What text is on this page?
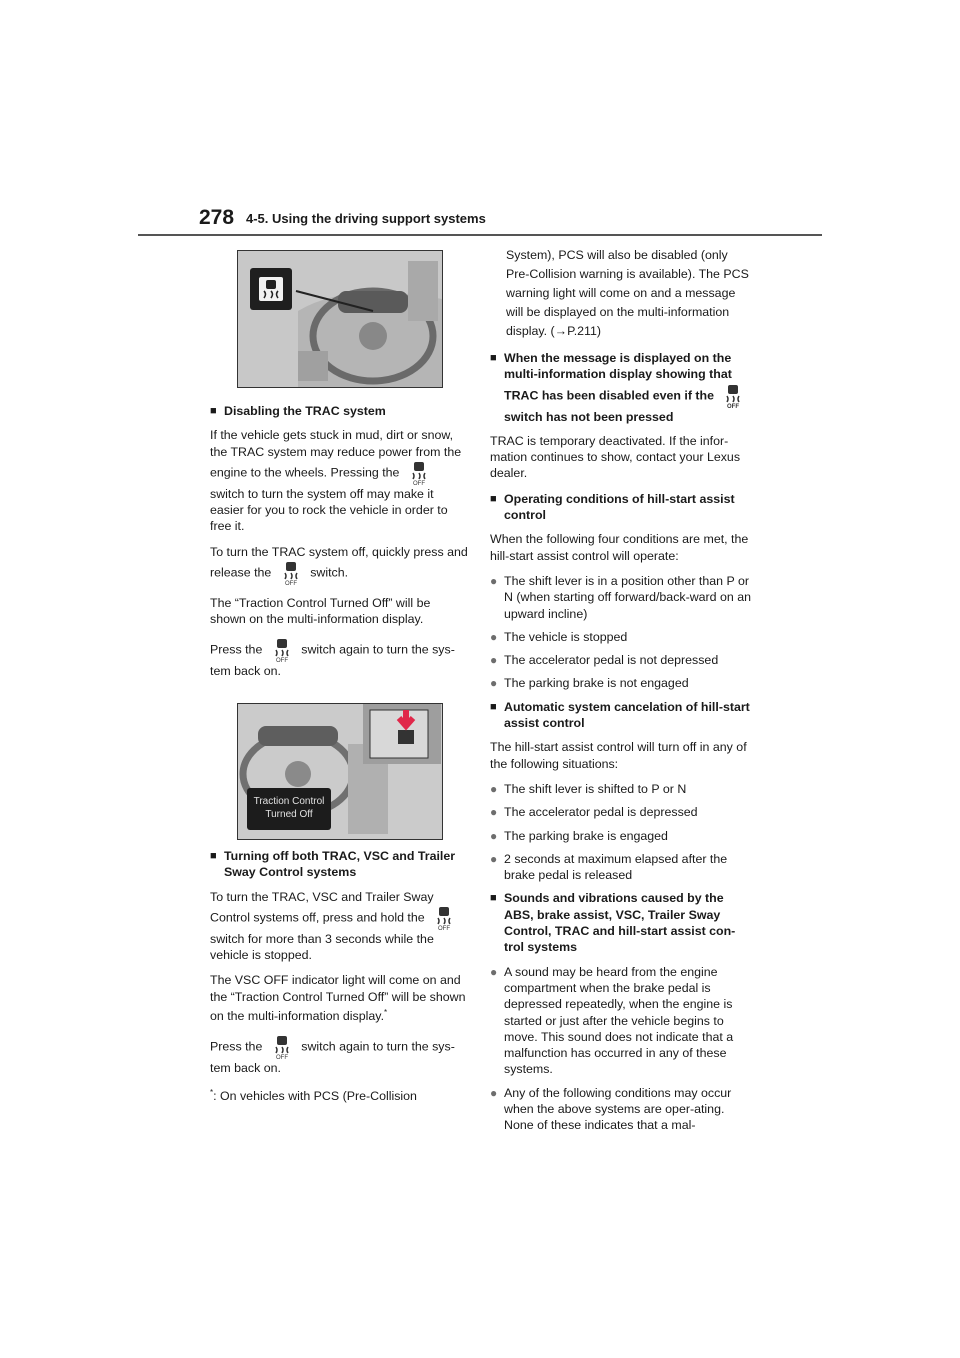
278 4-5. Using the driving support systems
■ Disabling the TRAC system

If the vehicle gets stuck in mud, dirt or snow, the TRAC system may reduce power from the engine to the wheels. Pressing the
OFF
switch to turn the system off may make it easier for you to rock the vehicle in order to free it.

To turn the TRAC system off, quickly press and release the
OFF
switch.

The “Traction Control Turned Off” will be shown on the multi-information display.

Press the
OFF
switch again to turn the sys-tem back on.

Traction Control Turned Off
■ Turning off both TRAC, VSC and Trailer Sway Control systems

To turn the TRAC, VSC and Trailer Sway Control systems off, press and hold the
OFF
switch for more than 3 seconds while the vehicle is stopped.

The VSC OFF indicator light will come on and the “Traction Control Turned Off” will be shown on the multi-information display.*

Press the
OFF
switch again to turn the sys-tem back on.

*: On vehicles with PCS (Pre-Collision

System), PCS will also be disabled (only Pre-Collision warning is available). The PCS warning light will come on and a message will be displayed on the multi-information display. (→P.211)

■ When the message is displayed on the multi-information display showing that TRAC has been disabled even if the
OFF
switch has not been pressed

TRAC is temporary deactivated. If the infor-mation continues to show, contact your Lexus dealer.

■ Operating conditions of hill-start assist control

When the following four conditions are met, the hill-start assist control will operate:

● The shift lever is in a position other than P or N (when starting off forward/back-ward on an upward incline)
● The vehicle is stopped
● The accelerator pedal is not depressed
● The parking brake is not engaged
■ Automatic system cancelation of hill-start assist control

The hill-start assist control will turn off in any of the following situations:

● The shift lever is shifted to P or N
● The accelerator pedal is depressed
● The parking brake is engaged
● 2 seconds at maximum elapsed after the brake pedal is released
■ Sounds and vibrations caused by the ABS, brake assist, VSC, Trailer Sway Control, TRAC and hill-start assist con-trol systems
● A sound may be heard from the engine compartment when the brake pedal is depressed repeatedly, when the engine is started or just after the vehicle begins to move. This sound does not indicate that a malfunction has occurred in any of these systems.
● Any of the following conditions may occur when the above systems are oper-ating. None of these indicates that a mal-
